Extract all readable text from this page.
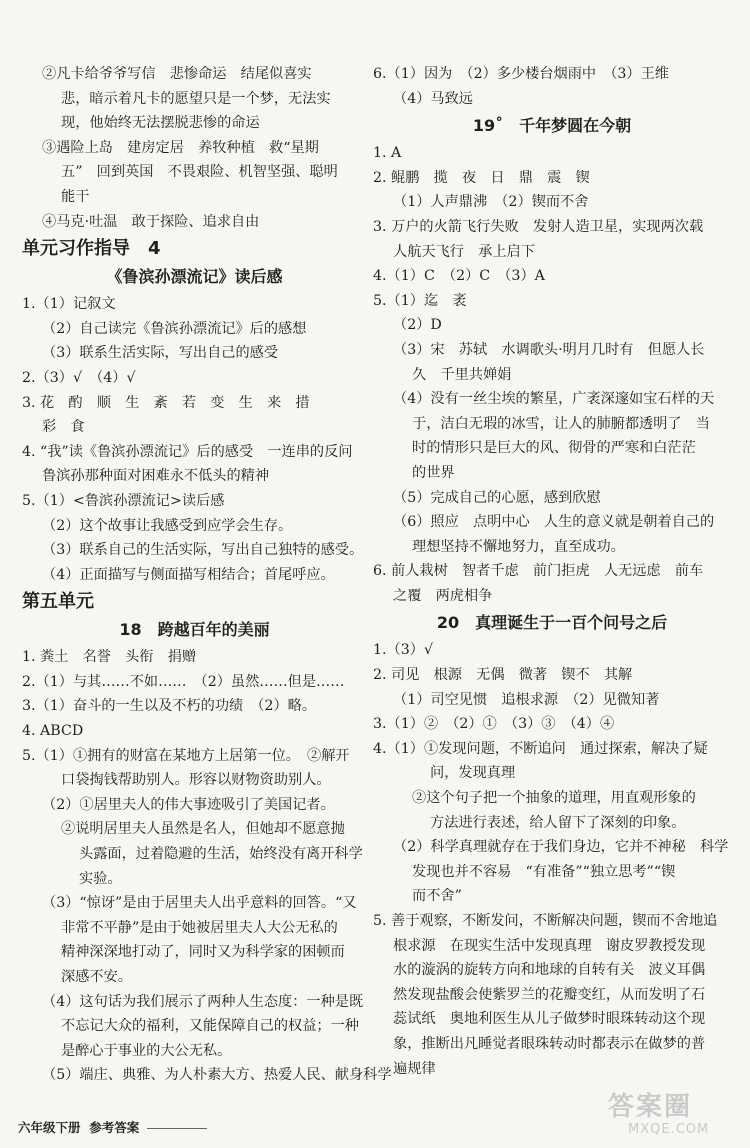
②凡卡给爷爷写信　悲惨命运　结尾似喜实
悲，暗示着凡卡的愿望只是一个梦，无法实
现，他始终无法摆脱悲惨的命运
③遇险上岛　建房定居　养牧种植　救“星期
五”　回到英国　不畏艰险、机智坚强、聪明
能干
④马克·吐温　敢于探险、追求自由
单元习作指导　4
《鲁滨孙漂流记》读后感
1.（1）记叙文
（2）自己读完《鲁滨孙漂流记》后的感想
（3）联系生活实际，写出自己的感受
2.（3）√　（4）√
3. 花　酌　顺　生　紊　若　变　生　来　措
彩　食
4. “我”读《鲁滨孙漂流记》后的感受　一连串的反问
鲁滨孙那种面对困难永不低头的精神
5.（1）<鲁滨孙漂流记>读后感
（2）这个故事让我感受到应学会生存。
（3）联系自己的生活实际，写出自己独特的感受。
（4）正面描写与侧面描写相结合；首尾呼应。
第五单元
18　跨越百年的美丽
1. 粪土　名誉　头衔　捐赠
2.（1）与其……不如……　（2）虽然……但是……
3.（1）奋斗的一生以及不朽的功绩　（2）略。
4. ABCD
5.（1）①拥有的财富在某地方上居第一位。　②解开
口袋掏钱帮助别人。形容以财物资助别人。
（2）①居里夫人的伟大事迹吸引了美国记者。
②说明居里夫人虽然是名人，但她却不愿意抛
头露面，过着隐避的生活，始终没有离开科学
实验。
（3）“惊讶”是由于居里夫人出乎意料的回答。“又
非常不平静”是由于她被居里夫人大公无私的
精神深深地打动了，同时又为科学家的困顿而
深感不安。
（4）这句话为我们展示了两种人生态度：一种是既
不忘记大众的福利，又能保障自己的权益；一种
是醉心于事业的大公无私。
（5）端庄、典雅、为人朴素大方、热爱人民、献身科学
6.（1）因为　（2）多少楼台烟雨中　（3）王维
（4）马致远
19˚　千年梦圆在今朝
1. A
2. 鲲鹏　揽　夜　日　鼎　震　锲
（1）人声鼎沸　（2）锲而不舍
3. 万户的火箭飞行失败　发射人造卫星，实现两次载
人航天飞行　承上启下
4.（1）C　（2）C　（3）A
5.（1）迄　袤
（2）D
（3）宋　苏轼　水调歌头·明月几时有　但愿人长
久　千里共婵娟
（4）没有一丝尘埃的繁星，广袤深邃如宝石样的天
于，洁白无瑕的冰雪，让人的肺腑都透明了　当
时的情形只是巨大的风、彻骨的严寒和白茫茫
的世界
（5）完成自己的心愿，感到欣慰
（6）照应　点明中心　人生的意义就是朝着自己的
理想坚持不懈地努力，直至成功。
6. 前人栽树　智者千虑　前门拒虎　人无远虑　前车
之覆　两虎相争
20　真理诞生于一百个问号之后
1.（3）√
2. 司见　根源　无偶　微著　锲不　其解
（1）司空见惯　追根求源　（2）见微知著
3.（1）②　（2）①　（3）③　（4）④
4.（1）①发现问题，不断追问　通过探索，解决了疑
问，发现真理
②这个句子把一个抽象的道理，用直观形象的
方法进行表述，给人留下了深刻的印象。
（2）科学真理就存在于我们身边，它并不神秘　科学
发现也并不容易　“有准备”“独立思考”“锲
而不舍”
5. 善于观察，不断发问，不断解决问题，锲而不舍地追
根求源　在现实生活中发现真理　谢皮罗教授发现
水的漩涡的旋转方向和地球的自转有关　波义耳偶
然发现盐酸会使紫罗兰的花瓣变红，从而发明了石
蕊试纸　奥地利医生从儿子做梦时眼珠转动这个现
象，推断出凡睡觉者眼珠转动时都表示在做梦的普
遍规律
六年级下册 参考答案
答案圈
MXQE.COM
